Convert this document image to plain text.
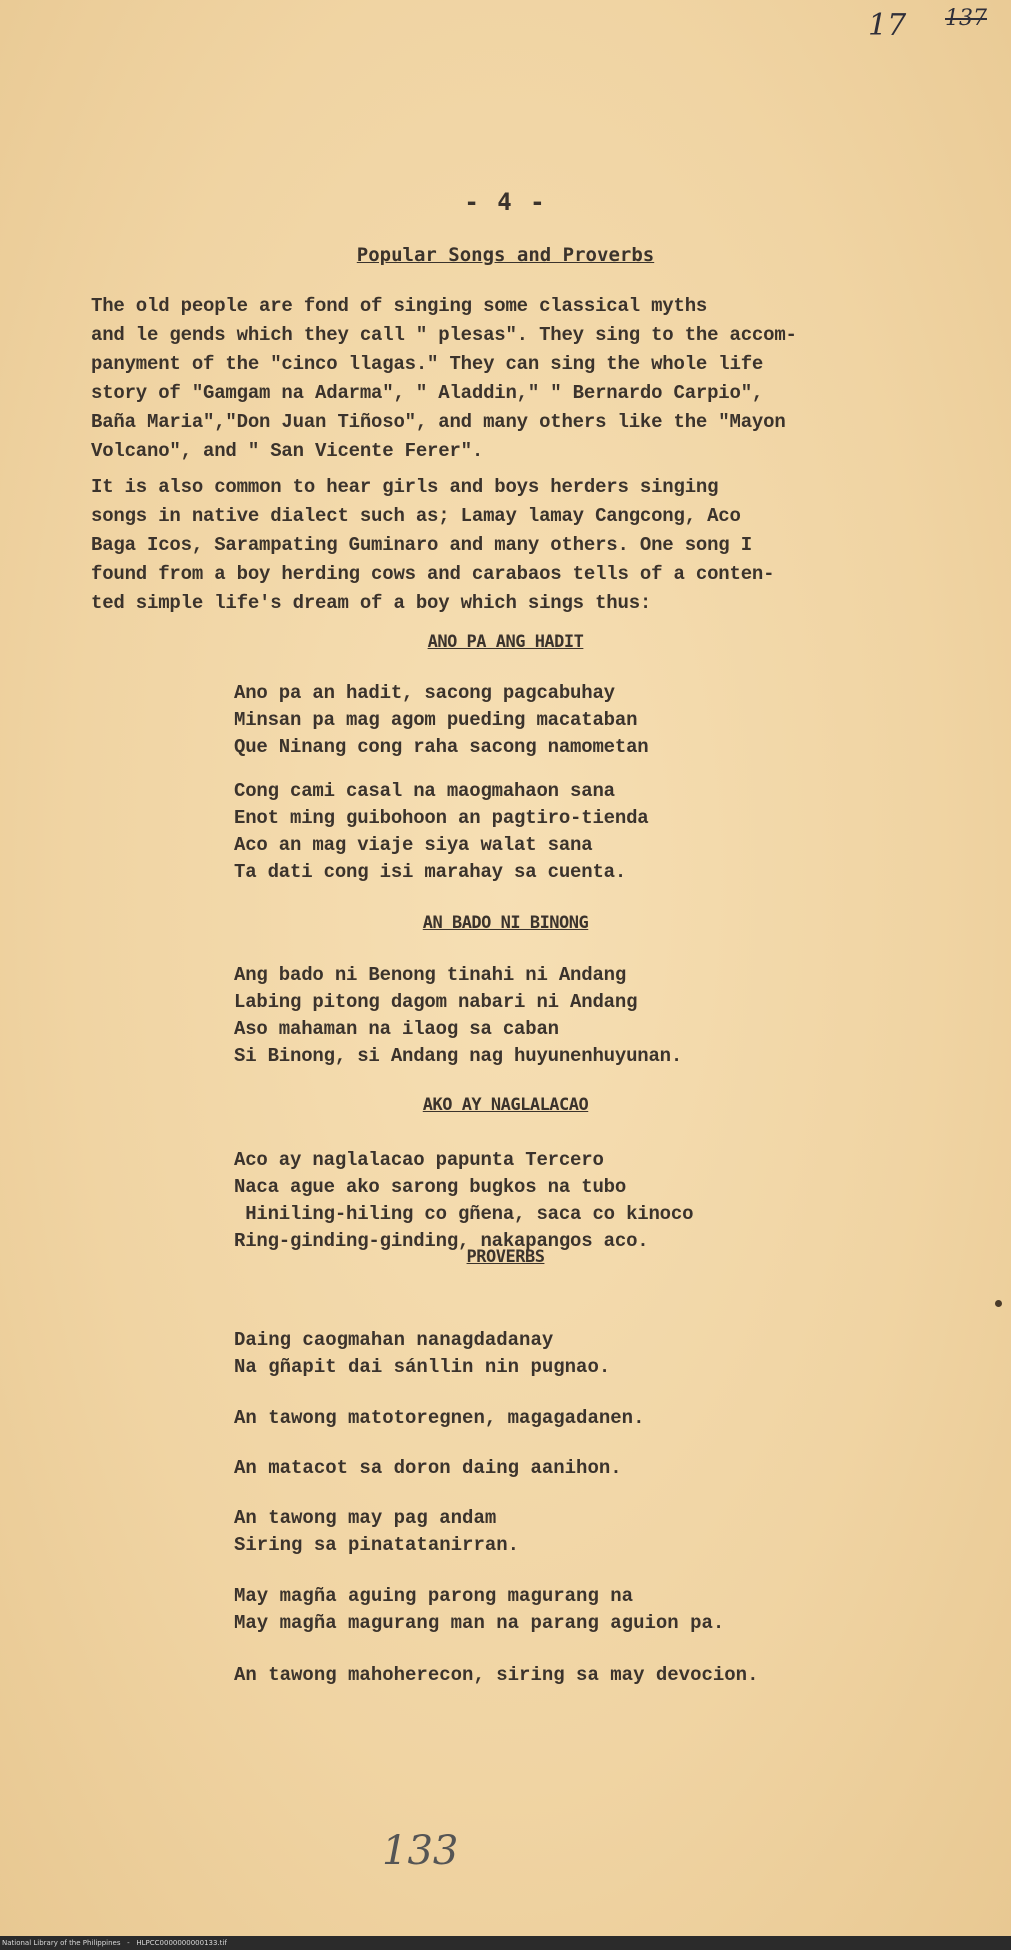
17 137
- 4 -
Popular Songs and Proverbs
The old people are fond of singing some classical myths
and le gends which they call " plesas". They sing to the accom-
panyment of the "cinco llagas." They can sing the whole life
story of "Gamgam na Adarma", " Aladdin," " Bernardo Carpio",
Baña Maria","Don Juan Tiñoso", and many others like the "Mayon
Volcano", and " San Vicente Ferer".
It is also common to hear girls and boys herders singing
songs in native dialect such as; Lamay lamay Cangcong, Aco
Baga Icos, Sarampating Guminaro and many others. One song I
found from a boy herding cows and carabaos tells of a conten-
ted simple life's dream of a boy which sings thus:
ANO PA ANG HADIT
Ano pa an hadit, sacong pagcabuhay
Minsan pa mag agom pueding macataban
Que Ninang cong raha sacong namometan
Cong cami casal na maogmahaon sana
Enot ming guibohoon an pagtiro-tienda
Aco an mag viaje siya walat sana
Ta dati cong isi marahay sa cuenta.
AN BADO NI BINONG
Ang bado ni Benong tinahi ni Andang
Labing pitong dagom nabari ni Andang
Aso mahaman na ilaog sa caban
Si Binong, si Andang nag huyunenhuyunan.
AKO AY NAGLALACAO
Aco ay naglalacao papunta Tercero
Naca ague ako sarong bugkos na tubo
Hiniling-hiling co gñena, saca co kinoco
Ring-ginding-ginding, nakapangos aco.
PROVERBS
Daing caogmahan nanagdadanay
Na gñapit dai sánllin nin pugnao.
An tawong matotoregnen, magagadanen.
An matacot sa doron daing aanihon.
An tawong may pag andam
Siring sa pinatatanirran.
May magña aguing parong magurang na
May magña magurang man na parang aguion pa.
An tawong mahoherecon, siring sa may devocion.
133
National Library of the Philippines   -   HLPCC0000000000133.tif
